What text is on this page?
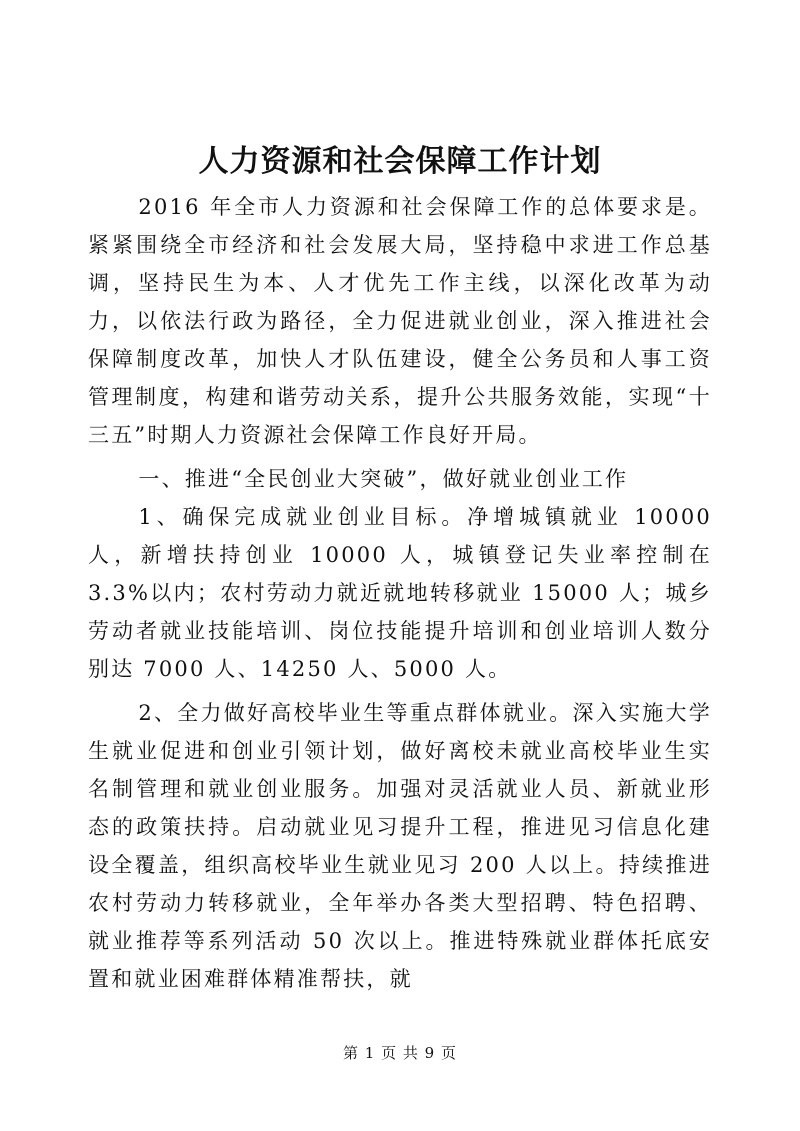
人力资源和社会保障工作计划

2016 年全市人力资源和社会保障工作的总体要求是。紧紧围绕全市经济和社会发展大局，坚持稳中求进工作总基调，坚持民生为本、人才优先工作主线，以深化改革为动力，以依法行政为路径，全力促进就业创业，深入推进社会保障制度改革，加快人才队伍建设，健全公务员和人事工资管理制度，构建和谐劳动关系，提升公共服务效能，实现“十三五”时期人力资源社会保障工作良好开局。

一、推进“全民创业大突破”，做好就业创业工作

1、确保完成就业创业目标。净增城镇就业 10000 人，新增扶持创业 10000 人，城镇登记失业率控制在 3.3%以内；农村劳动力就近就地转移就业 15000 人；城乡劳动者就业技能培训、岗位技能提升培训和创业培训人数分别达 7000 人、14250 人、5000 人。

2、全力做好高校毕业生等重点群体就业。深入实施大学生就业促进和创业引领计划，做好离校未就业高校毕业生实名制管理和就业创业服务。加强对灵活就业人员、新就业形态的政策扶持。启动就业见习提升工程，推进见习信息化建设全覆盖，组织高校毕业生就业见习 200 人以上。持续推进农村劳动力转移就业，全年举办各类大型招聘、特色招聘、就业推荐等系列活动 50 次以上。推进特殊就业群体托底安置和就业困难群体精准帮扶，就

第 1 页 共 9 页
